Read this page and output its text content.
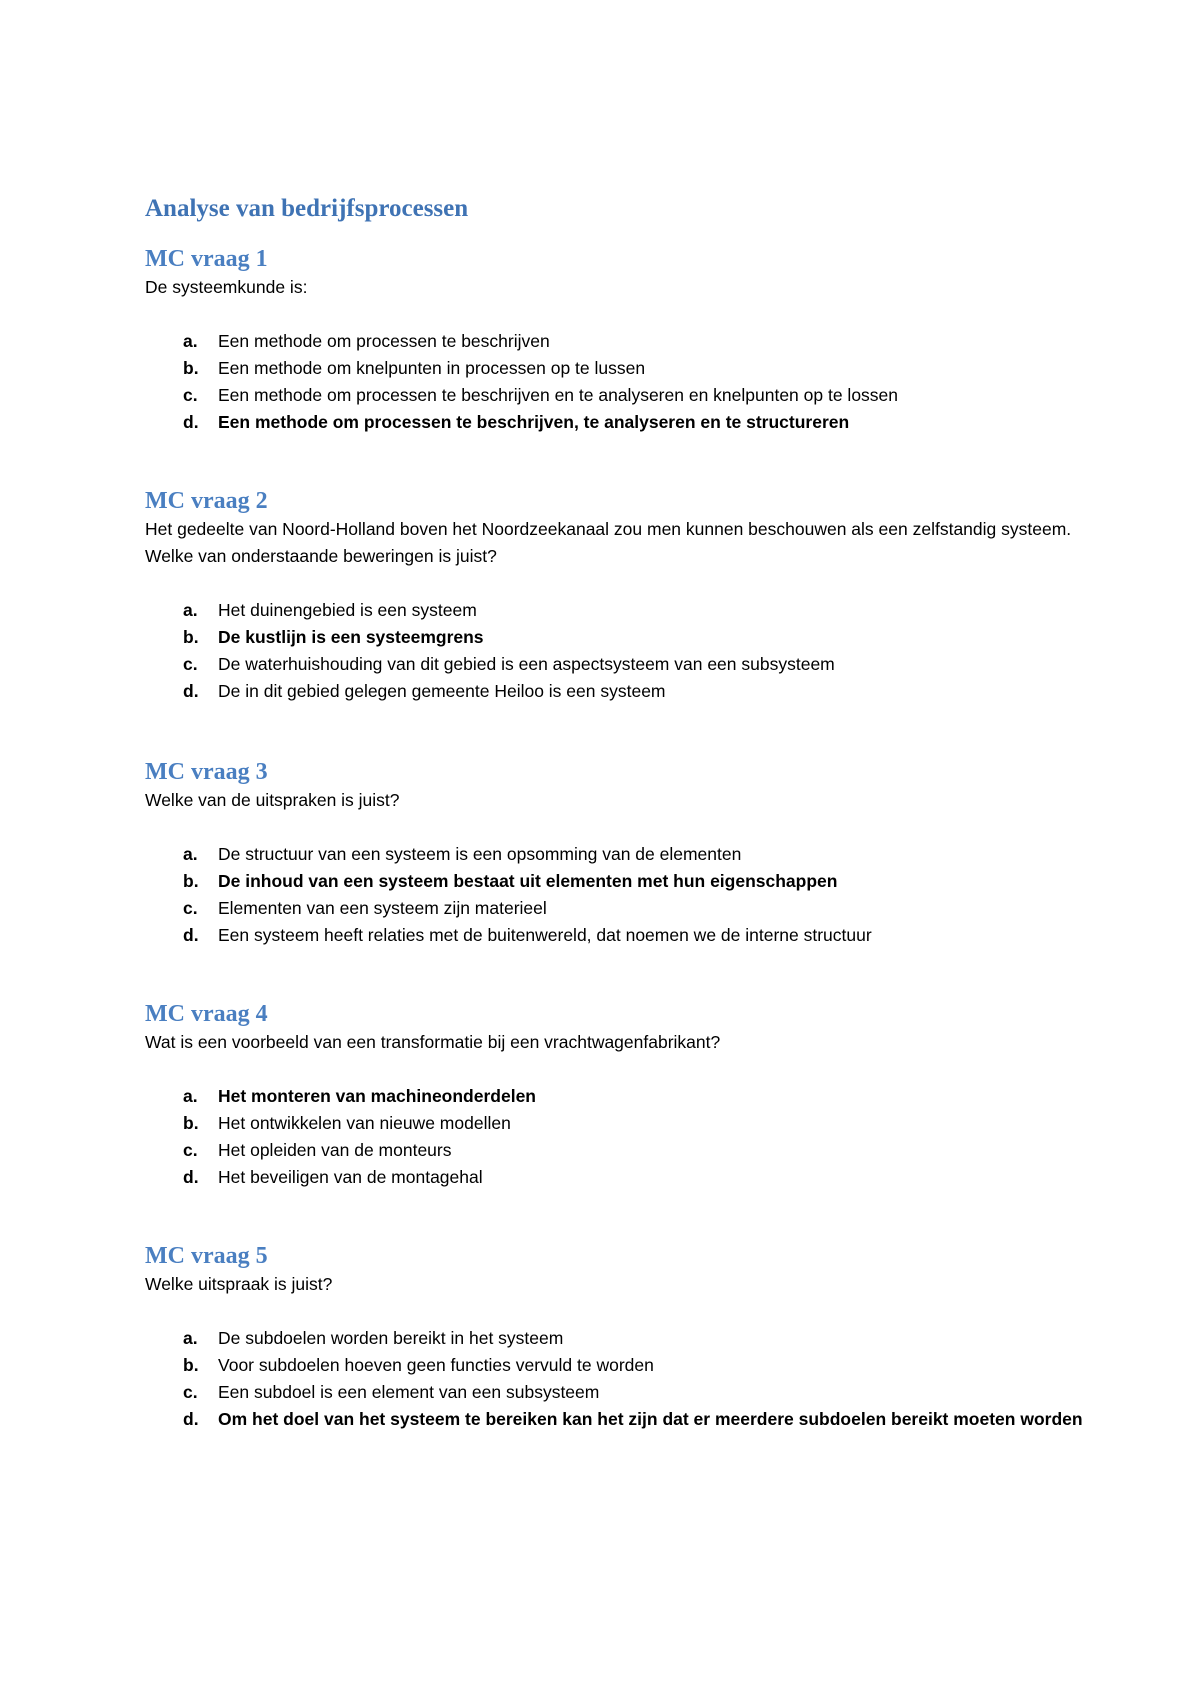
Analyse van bedrijfsprocessen
MC vraag 1

De systeemkunde is:

a. Een methode om processen te beschrijven
b. Een methode om knelpunten in processen op te lussen
c. Een methode om processen te beschrijven en te analyseren en knelpunten op te lossen
d. Een methode om processen te beschrijven, te analyseren en te structureren
MC vraag 2

Het gedeelte van Noord-Holland boven het Noordzeekanaal zou men kunnen beschouwen als een zelfstandig systeem. Welke van onderstaande beweringen is juist?

a. Het duinengebied is een systeem
b. De kustlijn is een systeemgrens
c. De waterhuishouding van dit gebied is een aspectsysteem van een subsysteem
d. De in dit gebied gelegen gemeente Heiloo is een systeem
MC vraag 3

Welke van de uitspraken is juist?

a. De structuur van een systeem is een opsomming van de elementen
b. De inhoud van een systeem bestaat uit elementen met hun eigenschappen
c. Elementen van een systeem zijn materieel
d. Een systeem heeft relaties met de buitenwereld, dat noemen we de interne structuur
MC vraag 4

Wat is een voorbeeld van een transformatie bij een vrachtwagenfabrikant?

a. Het monteren van machineonderdelen
b. Het ontwikkelen van nieuwe modellen
c. Het opleiden van de monteurs
d. Het beveiligen van de montagehal
MC vraag 5

Welke uitspraak is juist?

a. De subdoelen worden bereikt in het systeem
b. Voor subdoelen hoeven geen functies vervuld te worden
c. Een subdoel is een element van een subsysteem
d. Om het doel van het systeem te bereiken kan het zijn dat er meerdere subdoelen bereikt moeten worden
